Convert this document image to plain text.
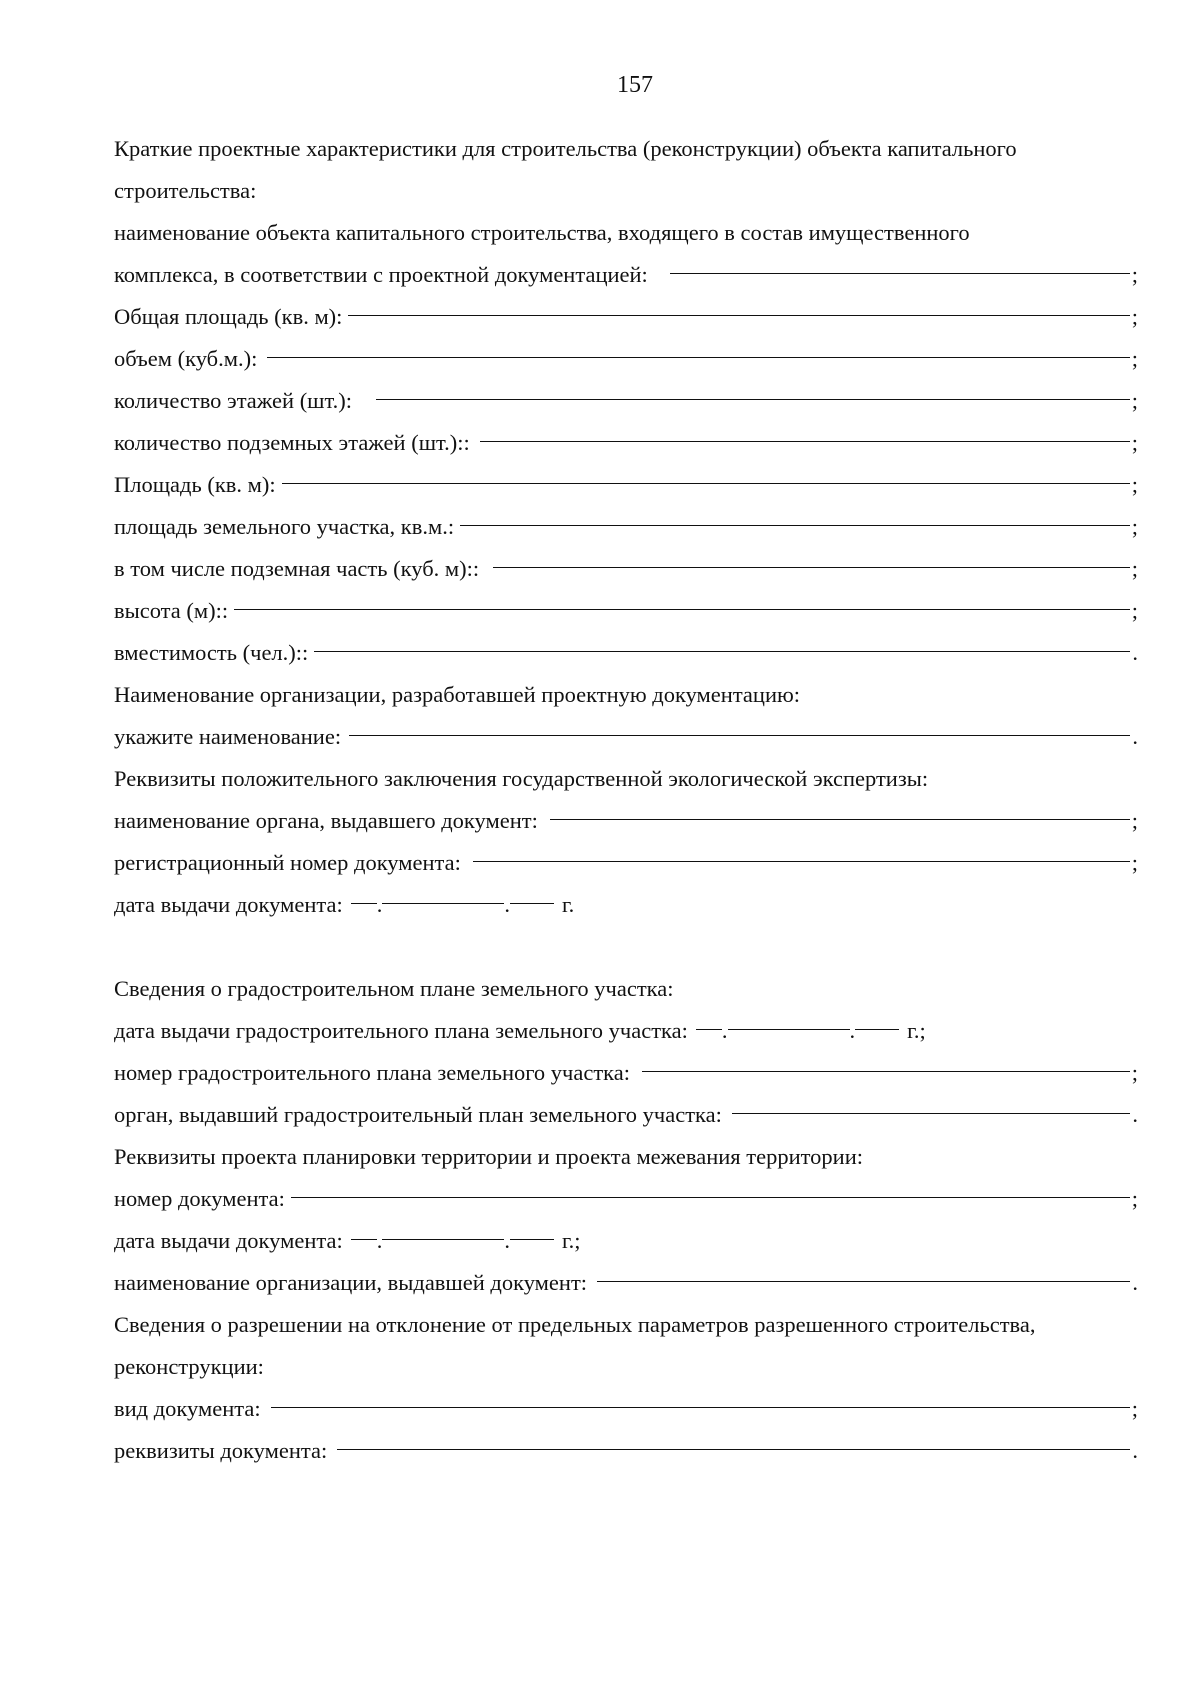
157
Краткие проектные характеристики для строительства (реконструкции) объекта капитального
строительства:
наименование объекта капитального строительства, входящего в состав имущественного
комплекса, в соответствии с проектной документацией:	;
Общая площадь (кв. м):	;
объем (куб.м.):	;
количество этажей (шт.):	;
количество подземных этажей (шт.)::	;
Площадь (кв. м):	;
площадь земельного участка, кв.м.:	;
в том числе подземная часть (куб. м)::	;
высота (м)::	;
вместимость (чел.)::	.
Наименование организации, разработавшей проектную документацию:
укажите наименование:	.
Реквизиты положительного заключения государственной экологической экспертизы:
наименование органа, выдавшего документ:	;
регистрационный номер документа:	;
дата выдачи документа: .	. г.
Сведения о градостроительном плане земельного участка:
дата выдачи градостроительного плана земельного участка: .	. г.;
номер градостроительного плана земельного участка:	;
орган, выдавший градостроительный план земельного участка:	.
Реквизиты проекта планировки территории и проекта межевания территории:
номер документа:	;
дата выдачи документа: .	. г.;
наименование организации, выдавшей документ:	.
Сведения о разрешении на отклонение от предельных параметров разрешенного строительства,
реконструкции:
вид документа:	;
реквизиты документа:	.
